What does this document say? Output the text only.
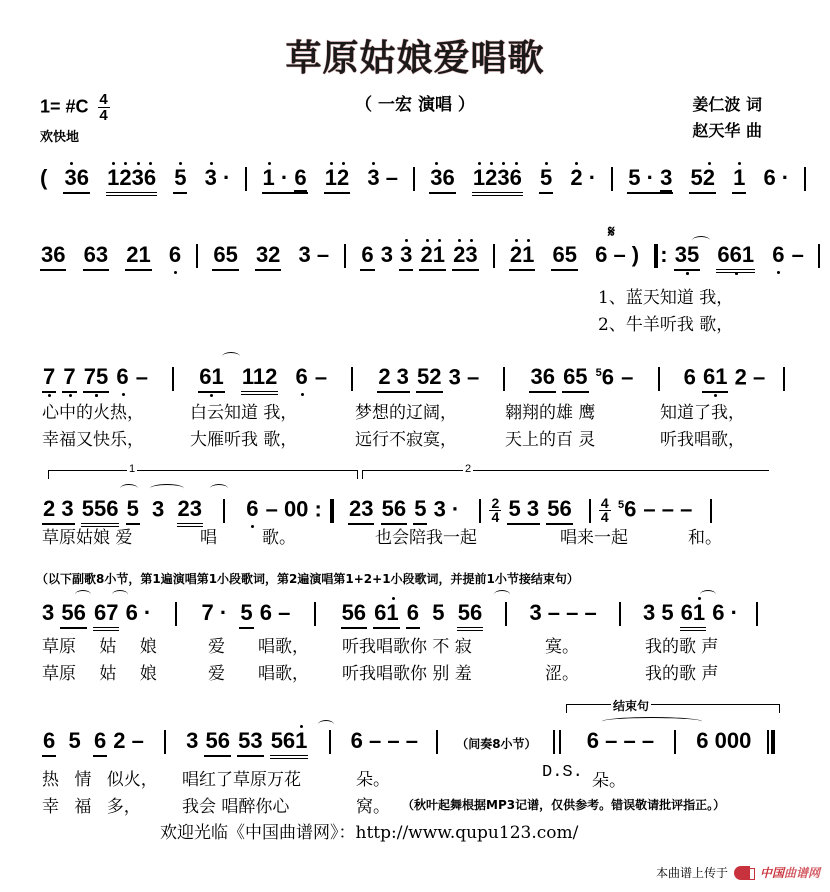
草原姑娘爱唱歌
（ 一宏 演唱 ）
1= #C $\frac{4}{4}$
欢快地
姜仁波 词
赵天华 曲
( 36 1236 5 3 · 1 · 6 12 3 – 36 1236 5 2 · 5 · 3 52 1 6 ·
𝄋
36 63 21 6 65 32 3 – 6 3 3 21 23 21 65 6 – ) : 35 661 6 –
1、蓝天知道 我，
2、牛羊听我 歌，
7 7 75 6 –  61 112 6 –  2 3 52 3 –  36 65 $^5$6 –  6 61 2 –
心中的火热，	白云知道 我，	梦想的辽阔，	翱翔的雄 鹰	知道了我，
幸福又快乐，	大雁听我 歌，	远行不寂寞，	天上的百 灵	听我唱歌，
1	2
2 3 556 5  3  23 6 – 00 : 23 56 5 $3 \cdot \frac{2}{4} 5$ 3 $56 \frac{4}{4} ^56$ – – –
草原姑娘 爱	唱	歌。	也会陪我一起	唱来一起	和。
（以下副歌8小节，第1遍演唱第1小段歌词，第2遍演唱第1+2+1小段歌词，并提前1小节接结束句）
3 56 67 6 ·  7 ·  5 6 –  56 61 6  5  56  3 – – –  3 5 61 6 ·
草原 姑 娘	爱 唱歌， 听我唱歌你 不 寂	寞。	我的歌 声
草原 姑 娘	爱 唱歌， 听我唱歌你 别 羞	涩。	我的歌 声
结束句
6  5  6 2 –  3 56 53 561  6 – – –	（间奏8小节）  6 – – –  6 000
热 情 似火， 唱红了草原万花	朵。
幸 福 多， 我会 唱醉你心	窝。
D.S. 朵。
（秋叶起舞根据MP3记谱，仅供参考。错误敬请批评指正。）
欢迎光临《中国曲谱网》：http://www.qupu123.com/
本曲谱上传于	中国曲谱网
